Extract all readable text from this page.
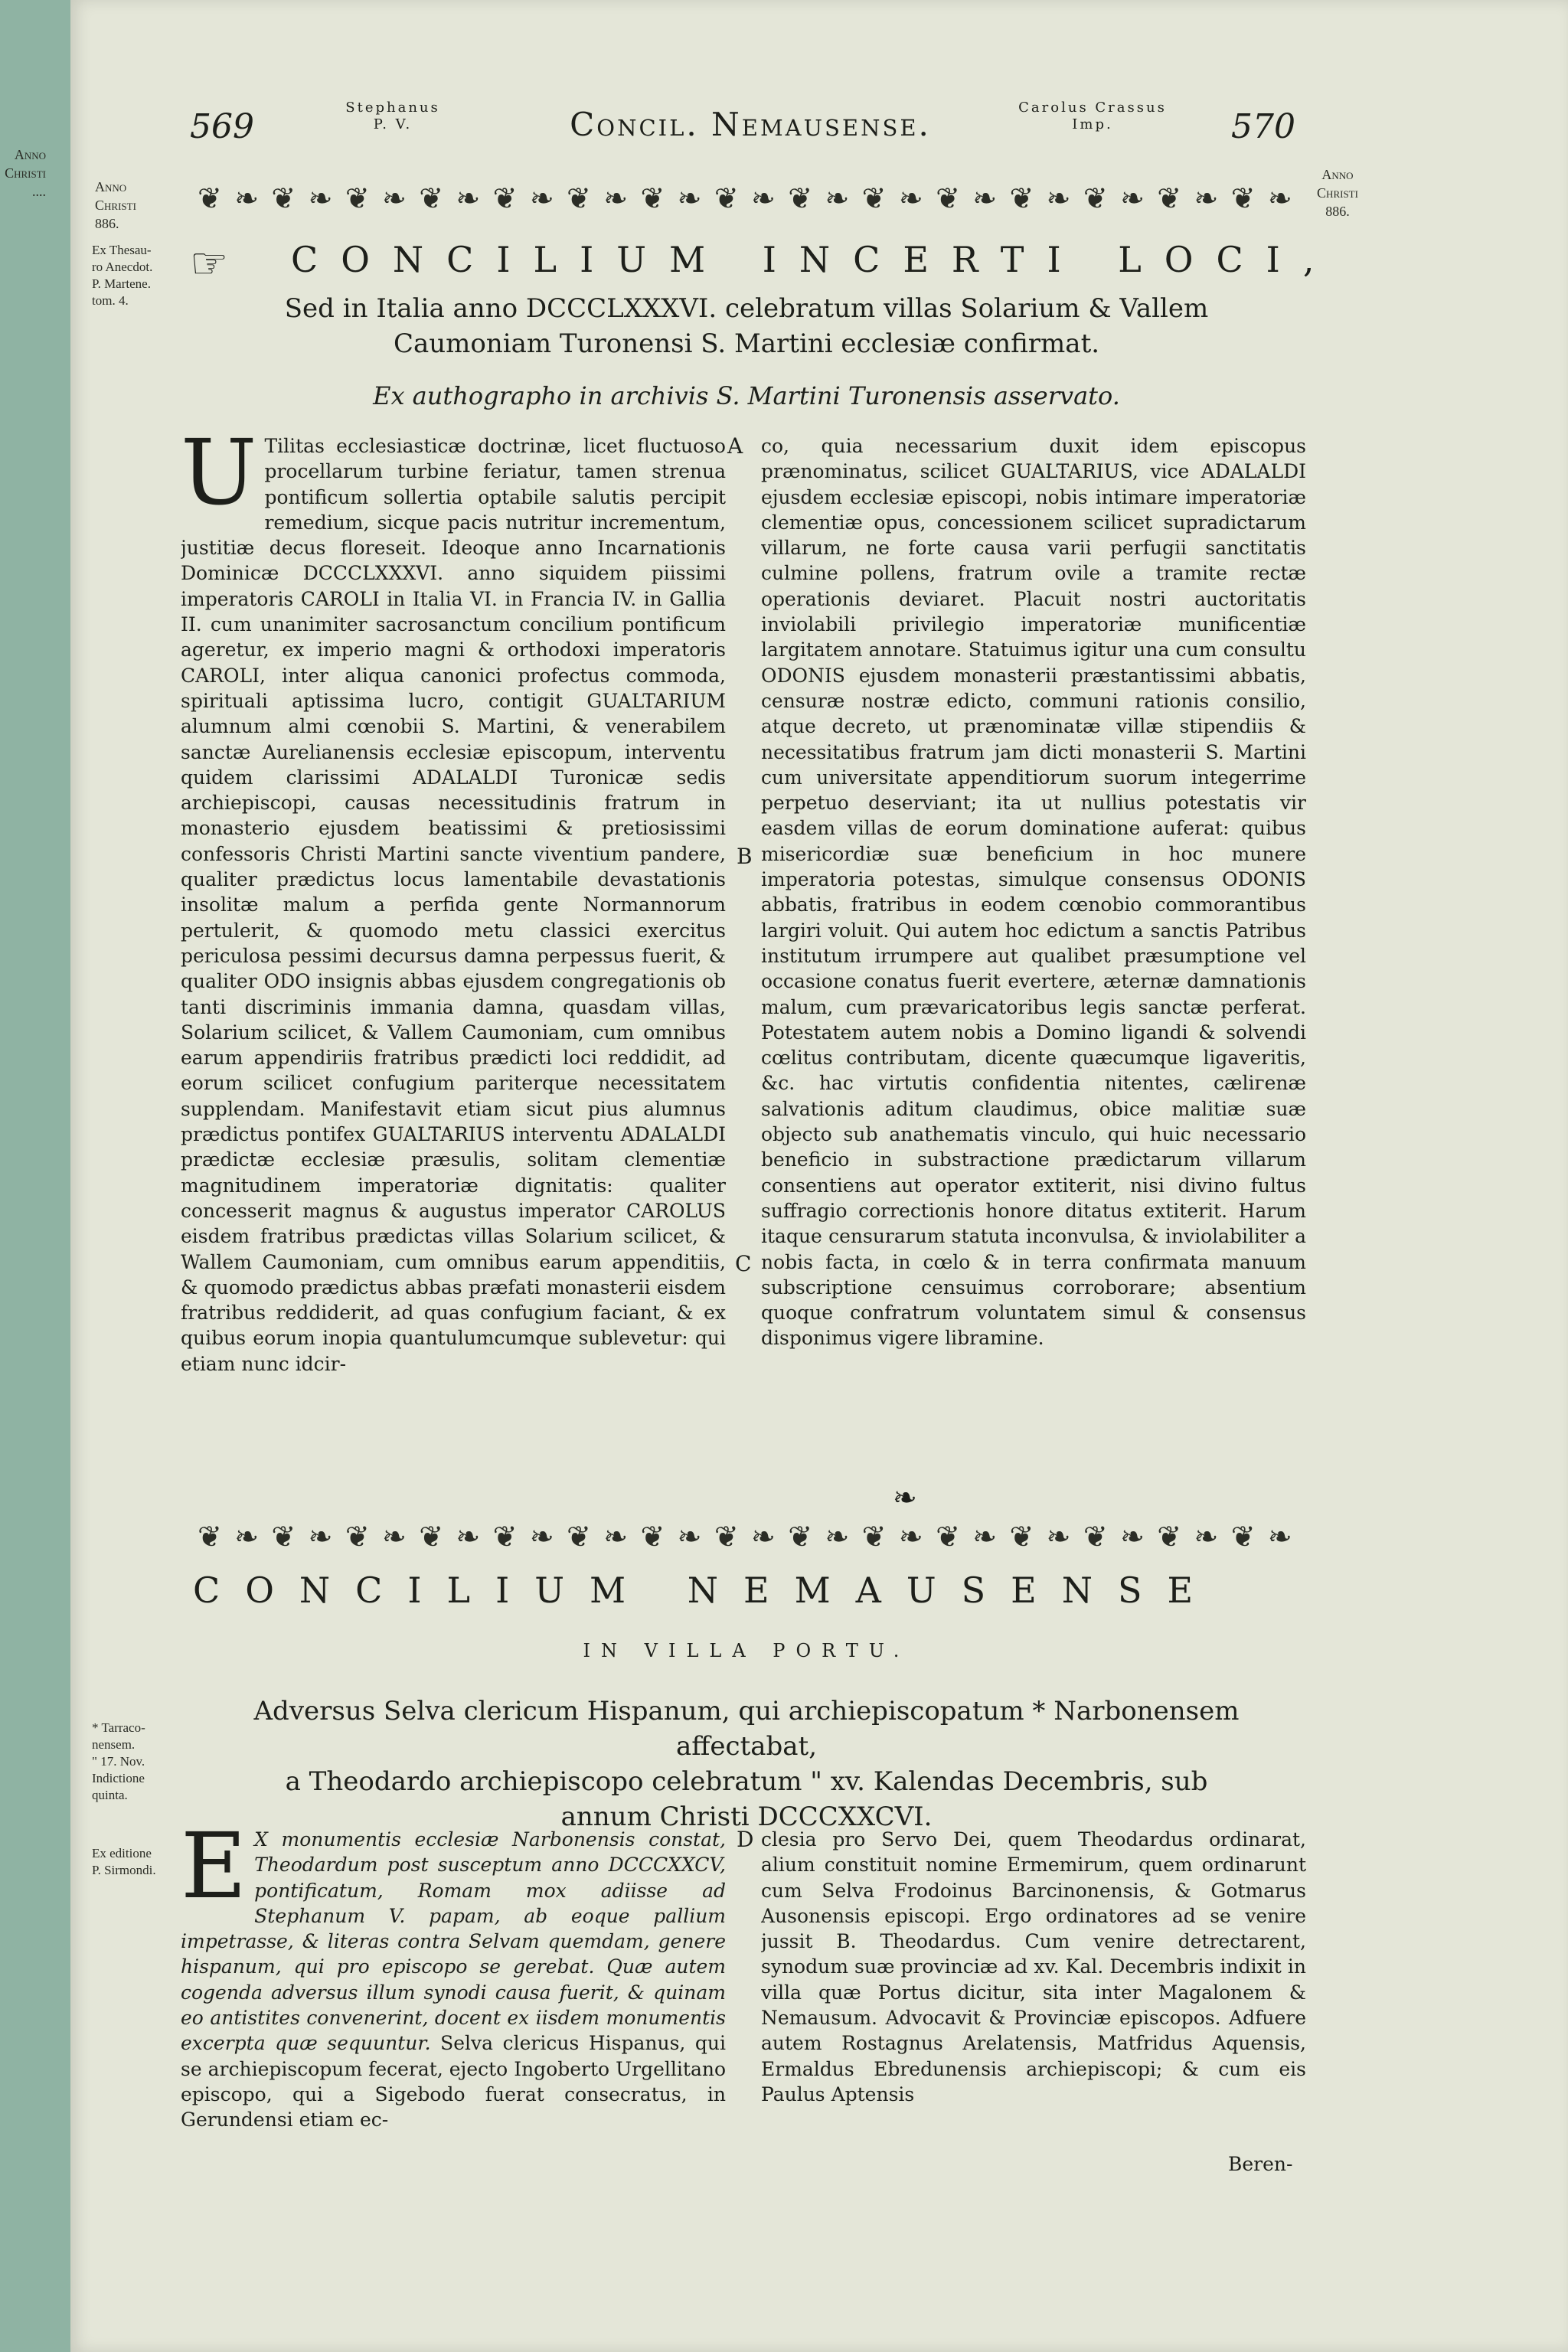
Anno
Christi
....
569	Stephanus
P. V.	Concil. Nemausense.	Carolus Crassus
Imp.	570
Anno
Christi
886.
Anno
Christi
886.
Ex Thesau-
ro Anecdot.
P. Martene.
tom. 4.
* Tarraco-
nensem.
" 17. Nov.
Indictione
quinta.
Ex editione
P. Sirmondi.
❦ ❧ ❦ ❧ ❦ ❧ ❦ ❧ ❦ ❧ ❦ ❧ ❦ ❧ ❦ ❧ ❦ ❧ ❦ ❧ ❦ ❧ ❦ ❧ ❦ ❧ ❦ ❧ ❦ ❧
☞ CONCILIUM INCERTI LOCI,
Sed in Italia anno DCCCLXXXVI. celebratum villas Solarium & Vallem
Caumoniam Turonensi S. Martini ecclesiæ confirmat.
Ex authographo in archivis S. Martini Turonensis asservato.
A
B
C
D
U Tilitas ecclesiasticæ doctrinæ, licet fluctuoso procellarum turbine feriatur, tamen strenua pontificum sollertia optabile salutis percipit remedium, sicque pacis nutritur incrementum, justitiæ decus floreseit. Ideoque anno Incarnationis Dominicæ DCCCLXXXVI. anno siquidem piissimi imperatoris CAROLI in Italia VI. in Francia IV. in Gallia II. cum unanimiter sacrosanctum concilium pontificum ageretur, ex imperio magni & orthodoxi imperatoris CAROLI, inter aliqua canonici profectus commoda, spirituali aptissima lucro, contigit GUALTARIUM alumnum almi cœnobii S. Martini, & venerabilem sanctæ Aurelianensis ecclesiæ episcopum, interventu quidem clarissimi ADALALDI Turonicæ sedis archiepiscopi, causas necessitudinis fratrum in monasterio ejusdem beatissimi & pretiosissimi confessoris Christi Martini sancte viventium pandere, qualiter prædictus locus lamentabile devastationis insolitæ malum a perfida gente Normannorum pertulerit, & quomodo metu classici exercitus periculosa pessimi decursus damna perpessus fuerit, & qualiter ODO insignis abbas ejusdem congregationis ob tanti discriminis immania damna, quasdam villas, Solarium scilicet, & Vallem Caumoniam, cum omnibus earum appendiriis fratribus prædicti loci reddidit, ad eorum scilicet confugium pariterque necessitatem supplendam. Manifestavit etiam sicut pius alumnus prædictus pontifex GUALTARIUS interventu ADALALDI prædictæ ecclesiæ præsulis, solitam clementiæ magnitudinem imperatoriæ dignitatis: qualiter concesserit magnus & augustus imperator CAROLUS eisdem fratribus prædictas villas Solarium scilicet, & Wallem Caumoniam, cum omnibus earum appenditiis, & quomodo prædictus abbas præfati monasterii eisdem fratribus reddiderit, ad quas confugium faciant, & ex quibus eorum inopia quantulumcumque sublevetur: qui etiam nunc idcir-
co, quia necessarium duxit idem episcopus prænominatus, scilicet GUALTARIUS, vice ADALALDI ejusdem ecclesiæ episcopi, nobis intimare imperatoriæ clementiæ opus, concessionem scilicet supradictarum villarum, ne forte causa varii perfugii sanctitatis culmine pollens, fratrum ovile a tramite rectæ operationis deviaret. Placuit nostri auctoritatis inviolabili privilegio imperatoriæ munificentiæ largitatem annotare. Statuimus igitur una cum consultu ODONIS ejusdem monasterii præstantissimi abbatis, censuræ nostræ edicto, communi rationis consilio, atque decreto, ut prænominatæ villæ stipendiis & necessitatibus fratrum jam dicti monasterii S. Martini cum universitate appenditiorum suorum integerrime perpetuo deserviant; ita ut nullius potestatis vir easdem villas de eorum dominatione auferat: quibus misericordiæ suæ beneficium in hoc munere imperatoria potestas, simulque consensus ODONIS abbatis, fratribus in eodem cœnobio commorantibus largiri voluit. Qui autem hoc edictum a sanctis Patribus institutum irrumpere aut qualibet præsumptione vel occasione conatus fuerit evertere, æternæ damnationis malum, cum prævaricatoribus legis sanctæ perferat. Potestatem autem nobis a Domino ligandi & solvendi cœlitus contributam, dicente quæcumque ligaveritis, &c. hac virtutis confidentia nitentes, cælігenæ salvationis aditum claudimus, obice malitiæ suæ objecto sub anathematis vinculo, qui huic necessario beneficio in substractione prædictarum villarum consentiens aut operator extiterit, nisi divino fultus suffragio correctionis honore ditatus extiterit. Harum itaque censurarum statuta inconvulsa, & inviolabiliter a nobis facta, in cœlo & in terra confirmata manuum subscriptione censuimus corroborare; absentium quoque confratrum voluntatem simul & consensus disponimus vigere libramine.
❧
❦ ❧ ❦ ❧ ❦ ❧ ❦ ❧ ❦ ❧ ❦ ❧ ❦ ❧ ❦ ❧ ❦ ❧ ❦ ❧ ❦ ❧ ❦ ❧ ❦ ❧ ❦ ❧ ❦ ❧
CONCILIUM NEMAUSENSE
IN VILLA PORTU.
Adversus Selva clericum Hispanum, qui archiepiscopatum * Narbonensem affectabat,
a Theodardo archiepiscopo celebratum " xv. Kalendas Decembris, sub
annum Christi DCCCXXCVI.
E X monumentis ecclesiæ Narbonensis constat, Theodardum post susceptum anno DCCCXXCV, pontificatum, Romam mox adiisse ad Stephanum V. papam, ab eoque pallium impetrasse, & literas contra Selvam quemdam, genere hispanum, qui pro episcopo se gerebat. Quæ autem cogenda adversus illum synodi causa fuerit, & quinam eo antistites convenerint, docent ex iisdem monumentis excerpta quæ sequuntur. Selva clericus Hispanus, qui se archiepiscopum fecerat, ejecto Ingoberto Urgellitano episcopo, qui a Sigebodo fuerat consecratus, in Gerundensi etiam ec-
clesia pro Servo Dei, quem Theodardus ordinarat, alium constituit nomine Ermemirum, quem ordinarunt cum Selva Frodoinus Barcinonensis, & Gotmarus Ausonensis episcopi. Ergo ordinatores ad se venire jussit B. Theodardus. Cum venire detrectarent, synodum suæ provinciæ ad xv. Kal. Decembris indixit in villa quæ Portus dicitur, sita inter Magalonem & Nemausum. Advocavit & Provinciæ episcopos. Adfuere autem Rostagnus Arelatensis, Matfridus Aquensis, Ermaldus Ebredunensis archiepiscopi; & cum eis Paulus Aptensis
Beren-
